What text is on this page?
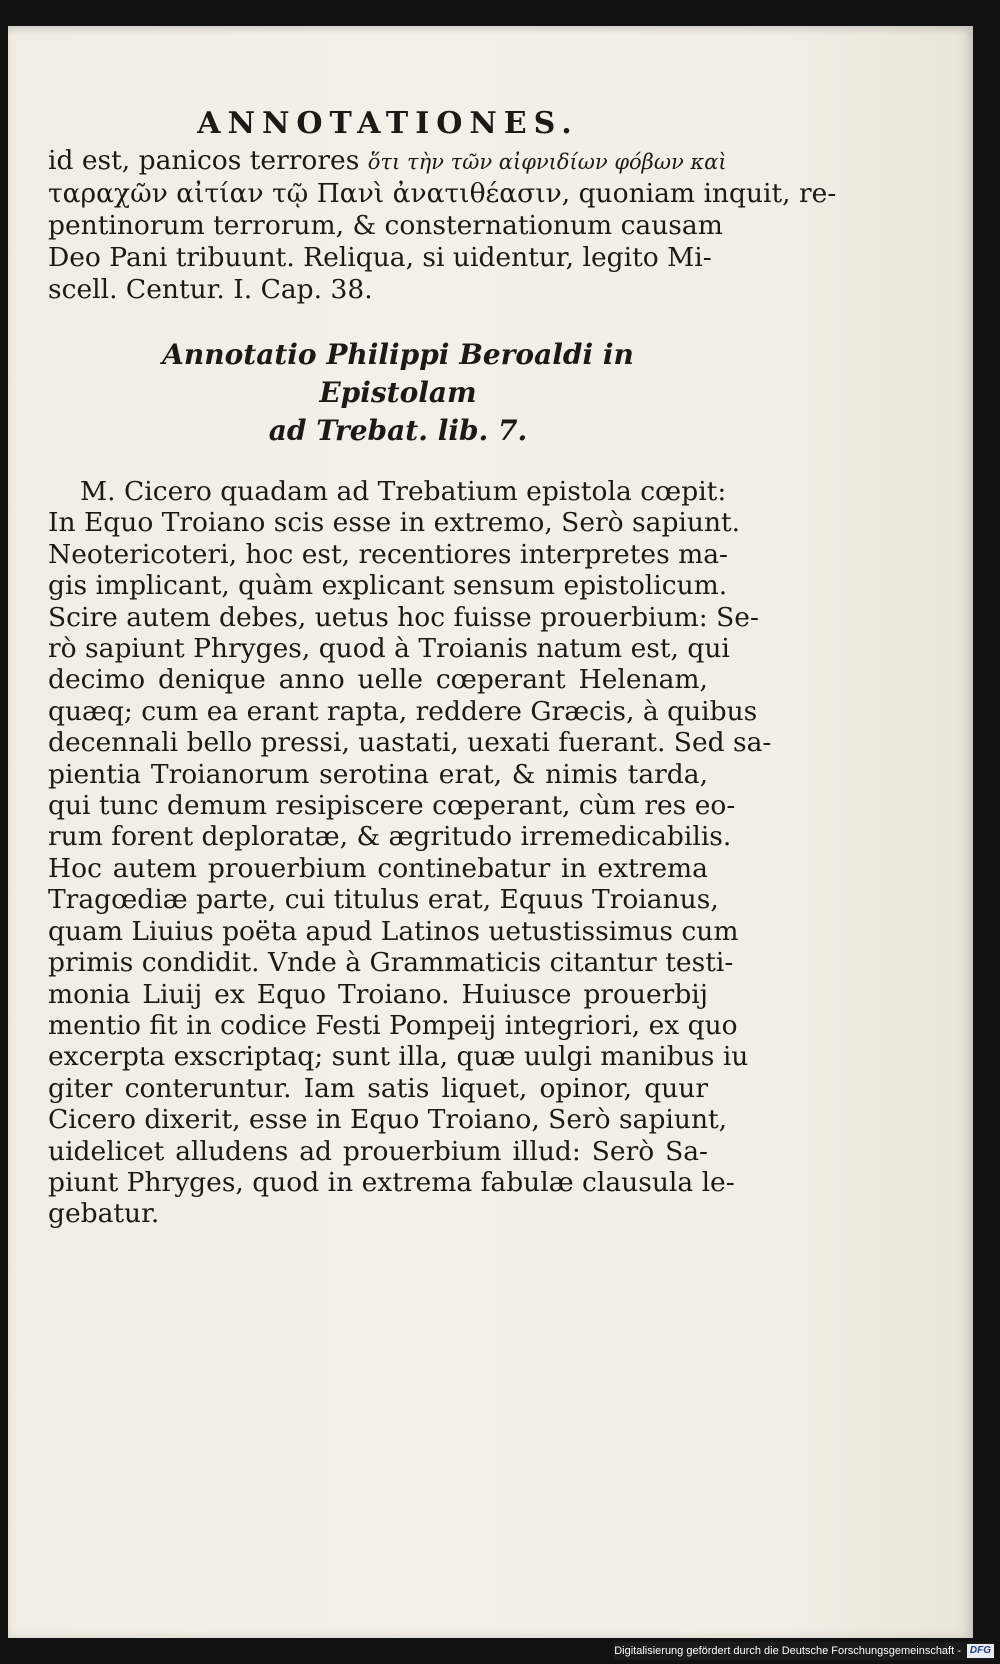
ANNOTATIONES.
id est, panicos terrores ὅτι τὴν τῶν αἰφνιδίων φόβων καὶ
ταραχῶν αἰτίαν τῷ Πανὶ ἀνατιθέασιν, quoniam inquit, re-
pentinorum terrorum, & consternationum causam
Deo Pani tribuunt. Reliqua, si uidentur, legito Mi-
scell. Centur. I. Cap. 38.
Annotatio Philippi Beroaldi in Epistolam
ad Trebat. lib. 7.
M. Cicero quadam ad Trebatium epistola cœpit:
In Equo Troiano scis esse in extremo, Serò sapiunt.
Neotericoteri, hoc est, recentiores interpretes ma-
gis implicant, quàm explicant sensum epistolicum.
Scire autem debes, uetus hoc fuisse prouerbium: Se-
rò sapiunt Phryges, quod à Troianis natum est, qui
decimo denique anno uelle cœperant Helenam,
quæq; cum ea erant rapta, reddere Græcis, à quibus
decennali bello pressi, uastati, uexati fuerant. Sed sa-
pientia Troianorum serotina erat, & nimis tarda,
qui tunc demum resipiscere cœperant, cùm res eo-
rum forent deploratæ, & ægritudo irremedicabilis.
Hoc autem prouerbium continebatur in extrema
Tragœdiæ parte, cui titulus erat, Equus Troianus,
quam Liuius poëta apud Latinos uetustissimus cum
primis condidit. Vnde à Grammaticis citantur testi-
monia Liuij ex Equo Troiano. Huiusce prouerbij
mentio fit in codice Festi Pompeij integriori, ex quo
excerpta exscriptaq; sunt illa, quæ uulgi manibus iu
giter conteruntur. Iam satis liquet, opinor, quur
Cicero dixerit, esse in Equo Troiano, Serò sapiunt,
uidelicet alludens ad prouerbium illud: Serò Sa-
piunt Phryges, quod in extrema fabulæ clausula le-
gebatur.
Digitalisierung gefördert durch die Deutsche Forschungsgemeinschaft - DFG
